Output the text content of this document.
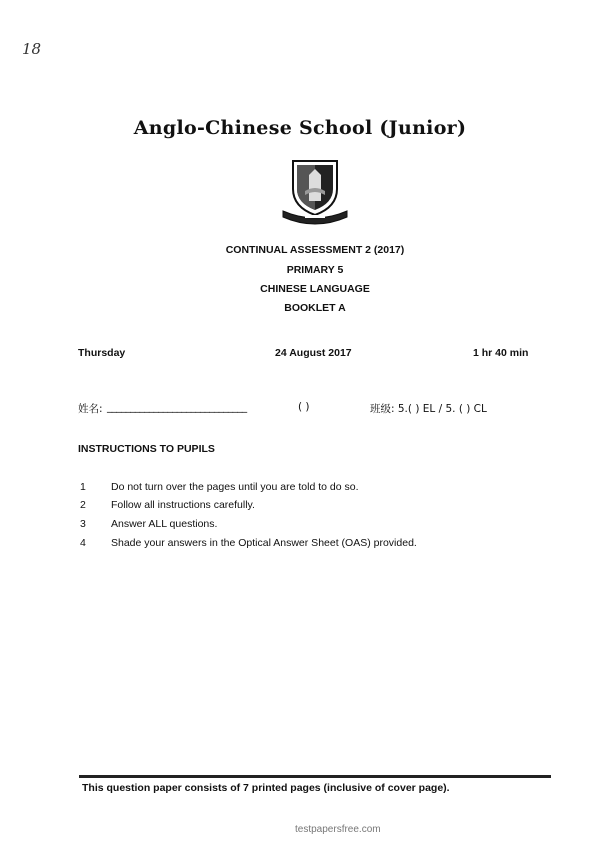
18
Anglo-Chinese School (Junior)
CONTINUAL ASSESSMENT 2 (2017)
PRIMARY 5
CHINESE LANGUAGE
BOOKLET A
Thursday	24 August 2017	1 hr 40 min
姓名: ______________________________	( )	班级: 5.( ) EL / 5. ( ) CL
INSTRUCTIONS TO PUPILS
1 Do not turn over the pages until you are told to do so.
2 Follow all instructions carefully.
3 Answer ALL questions.
4 Shade your answers in the Optical Answer Sheet (OAS) provided.
This question paper consists of 7 printed pages (inclusive of cover page).
testpapersfree.com
